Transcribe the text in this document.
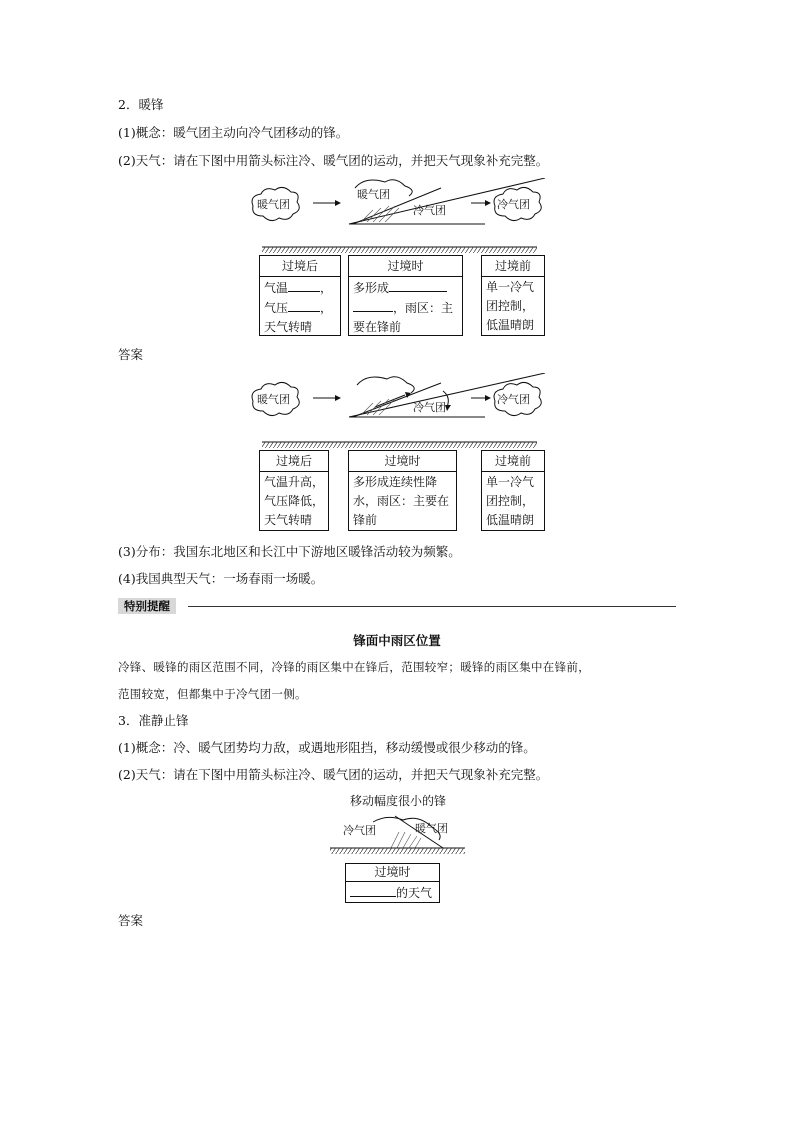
2．暖锋
(1)概念：暖气团主动向冷气团移动的锋。
(2)天气：请在下图中用箭头标注冷、暖气团的运动，并把天气现象补充完整。
暖气团
暖气团
冷气团	冷气团
过境后
气温	，
气压	，
天气转晴
过境时
多形成
，雨区：主
要在锋前
过境前
单一冷气
团控制，
低温晴朗
答案
暖气团
冷气团
冷气团
过境后
气温升高，
气压降低，
天气转晴
过境时
多形成连续性降
水，雨区：主要在
锋前
过境前
单一冷气
团控制，
低温晴朗
(3)分布：我国东北地区和长江中下游地区暖锋活动较为频繁。
(4)我国典型天气：一场春雨一场暖。
特别提醒
锋面中雨区位置
冷锋、暖锋的雨区范围不同，冷锋的雨区集中在锋后，范围较窄；暖锋的雨区集中在锋前，
范围较宽，但都集中于冷气团一侧。
3．准静止锋
(1)概念：冷、暖气团势均力敌，或遇地形阻挡，移动缓慢或很少移动的锋。
(2)天气：请在下图中用箭头标注冷、暖气团的运动，并把天气现象补充完整。
移动幅度很小的锋
冷气团	暖气团
过境时
的天气
答案
